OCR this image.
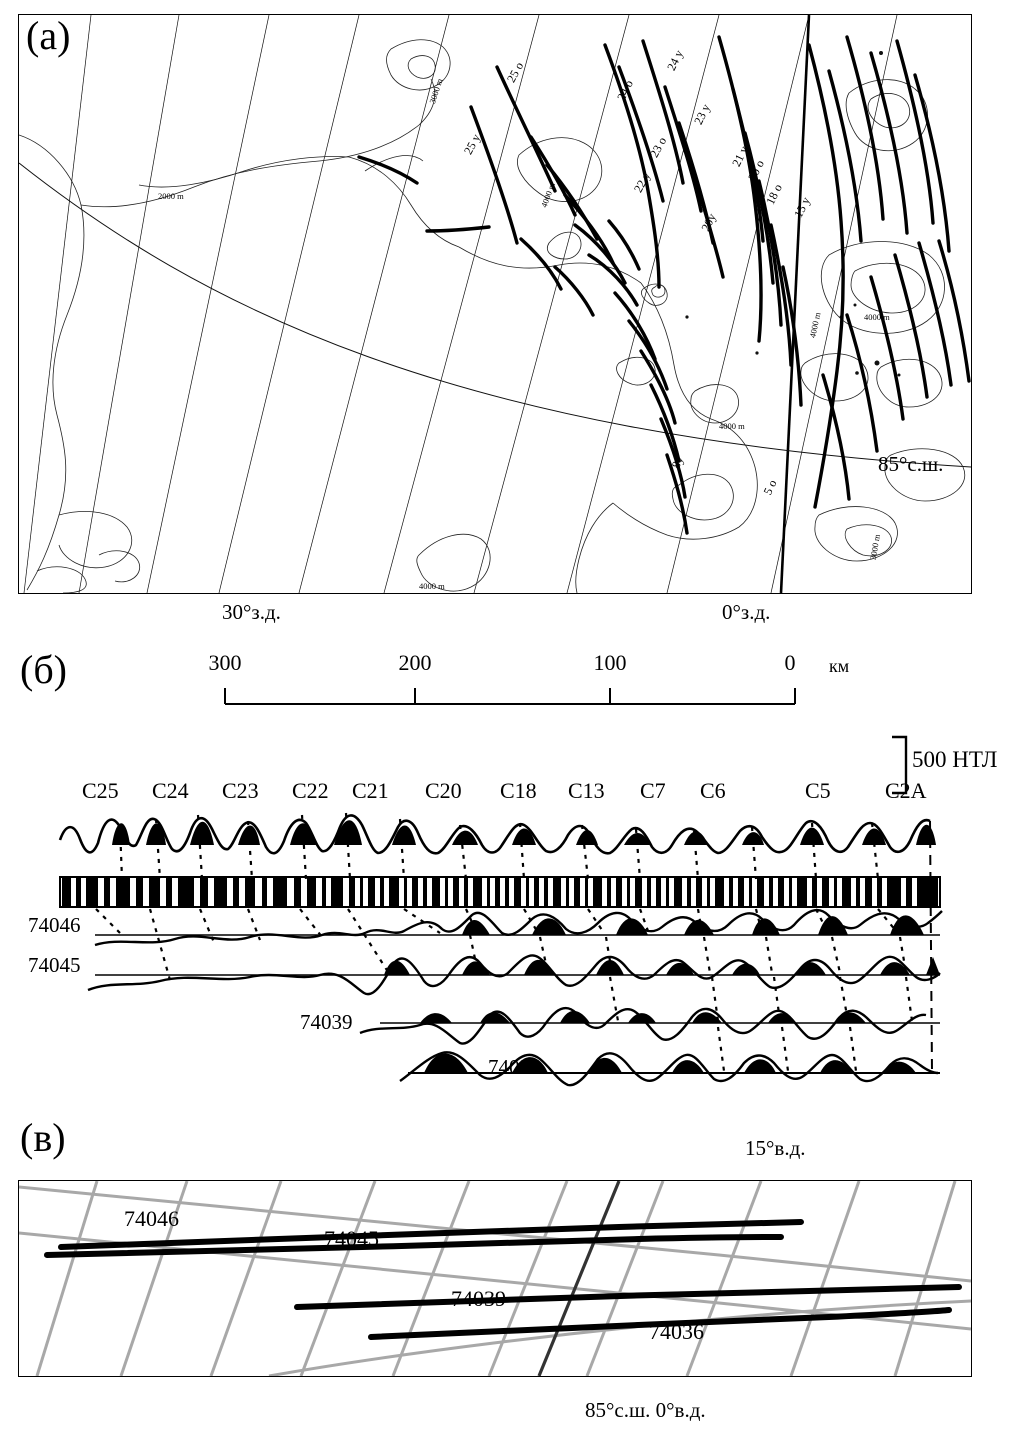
(а)
25 о
25 у
24 о
24 у
23 о
23 у
22 у
21 у
20 о
18 о
15 у
20у
8у
5 о
2000 m	4000 m
3000 m
4000 m	4000 m
4000 m
4000 m
3000 m
85°с.ш.
30°з.д.	0°з.д.
(б)	300	200	100	0	км
500 НТЛ
C25 C24 C23 C22 C21 C20 C18 C13 C7 C6	C5 C2A
74046
74045
74039
74036
(в)	15°в.д.
74046
74045
74039
74036
85°с.ш. 0°в.д.
